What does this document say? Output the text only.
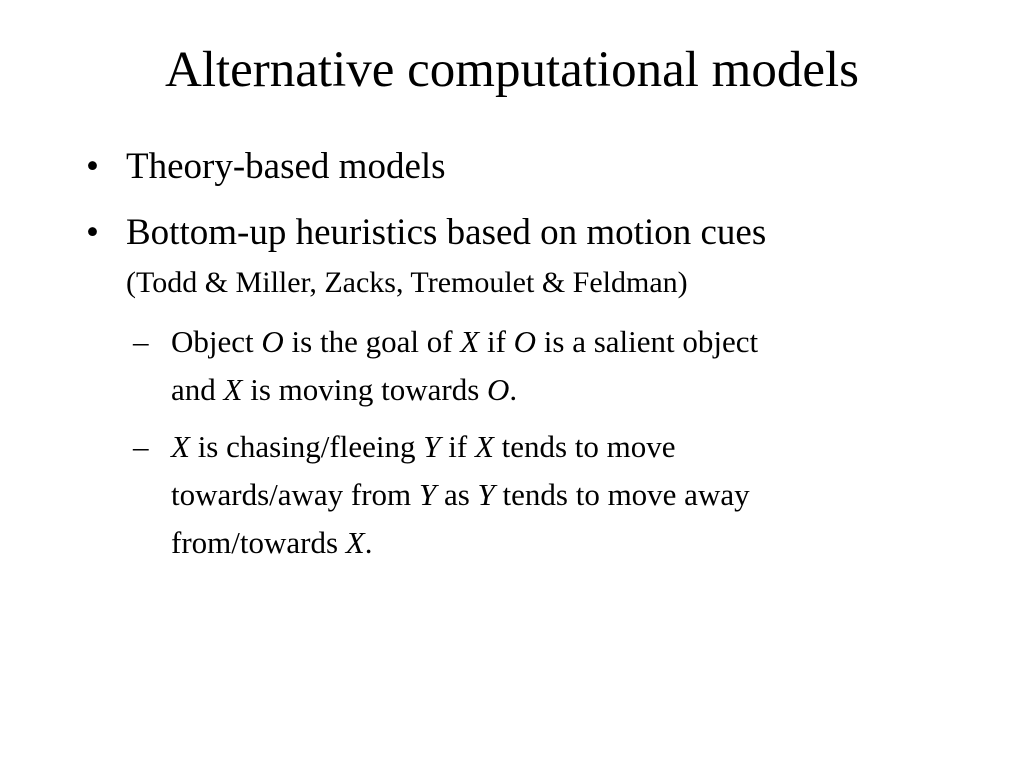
Alternative computational models
• Theory-based models
• Bottom-up heuristics based on motion cues
(Todd & Miller, Zacks, Tremoulet & Feldman)
– Object O is the goal of X if O is a salient object
and X is moving towards O.
– X is chasing/fleeing Y if X tends to move
towards/away from Y as Y tends to move away
from/towards X.
